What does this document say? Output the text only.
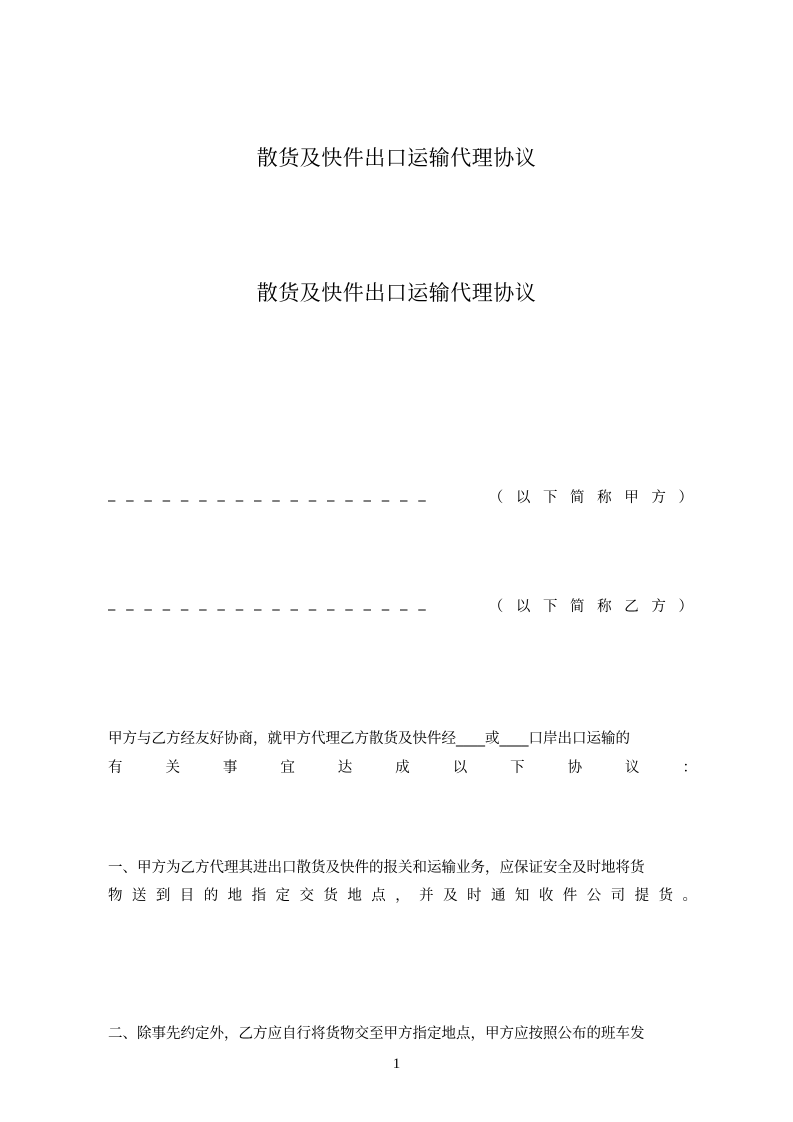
散货及快件出口运输代理协议
散货及快件出口运输代理协议
_ _ _ _ _ _ _ _ _ _ _ _ _ _ _ _ _ _	（ 以 下 简 称 甲 方 ）
_ _ _ _ _ _ _ _ _ _ _ _ _ _ _ _ _ _	（ 以 下 简 称 乙 方 ）
甲方与乙方经友好协商，就甲方代理乙方散货及快件经____或____口岸出口运输的
有关事宜达成以下协议：
一、甲方为乙方代理其进出口散货及快件的报关和运输业务，应保证安全及时地将货
物送到目的地指定交货地点，并及时通知收件公司提货。
二、除事先约定外，乙方应自行将货物交至甲方指定地点，甲方应按照公布的班车发
1
